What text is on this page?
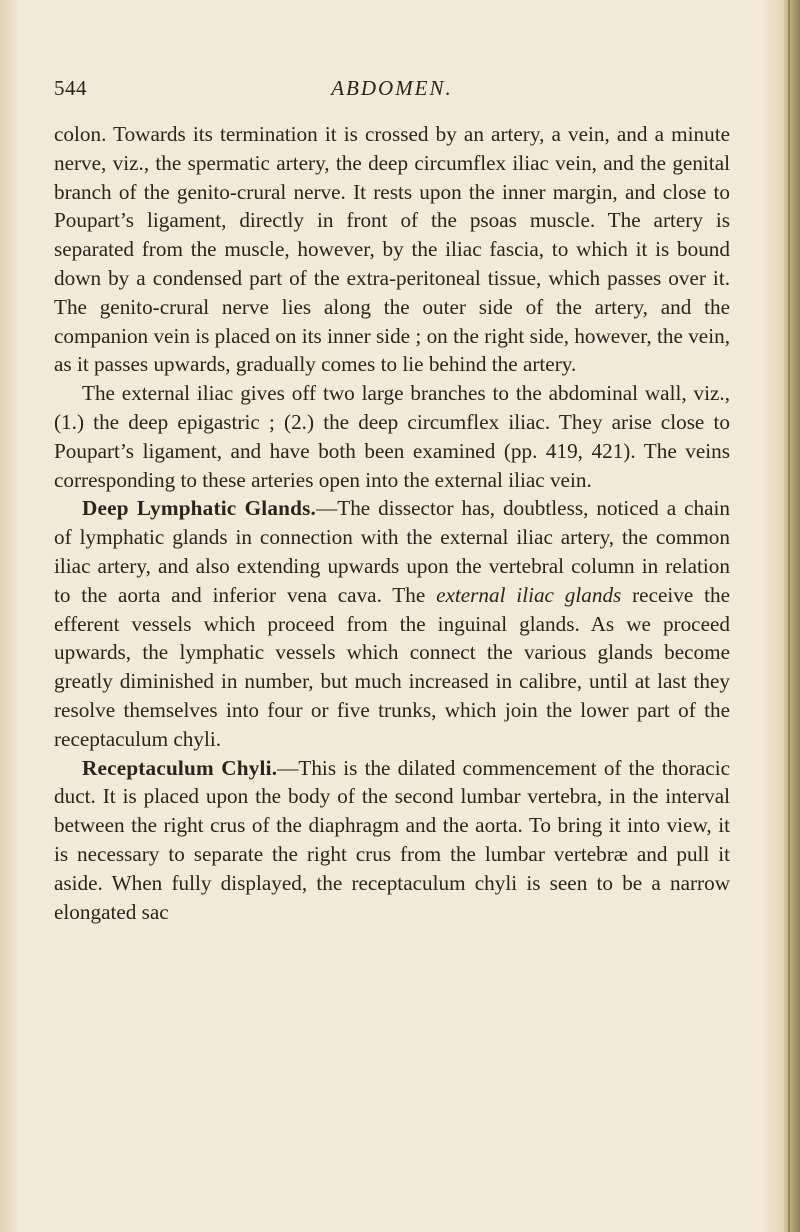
544	ABDOMEN.

colon. Towards its termination it is crossed by an artery, a vein, and a minute nerve, viz., the spermatic artery, the deep circumflex iliac vein, and the genital branch of the genito-crural nerve. It rests upon the inner margin, and close to Poupart’s ligament, directly in front of the psoas muscle. The artery is separated from the muscle, however, by the iliac fascia, to which it is bound down by a condensed part of the extra-peritoneal tissue, which passes over it. The genito-crural nerve lies along the outer side of the artery, and the companion vein is placed on its inner side ; on the right side, however, the vein, as it passes upwards, gradually comes to lie behind the artery.

The external iliac gives off two large branches to the abdominal wall, viz., (1.) the deep epigastric ; (2.) the deep circumflex iliac. They arise close to Poupart’s ligament, and have both been examined (pp. 419, 421). The veins corresponding to these arteries open into the external iliac vein.

Deep Lymphatic Glands.—The dissector has, doubtless, noticed a chain of lymphatic glands in connection with the external iliac artery, the common iliac artery, and also extending upwards upon the vertebral column in relation to the aorta and inferior vena cava. The external iliac glands receive the efferent vessels which proceed from the inguinal glands. As we proceed upwards, the lymphatic vessels which connect the various glands become greatly diminished in number, but much increased in calibre, until at last they resolve themselves into four or five trunks, which join the lower part of the receptaculum chyli.

Receptaculum Chyli.—This is the dilated commencement of the thoracic duct. It is placed upon the body of the second lumbar vertebra, in the interval between the right crus of the diaphragm and the aorta. To bring it into view, it is necessary to separate the right crus from the lumbar vertebræ and pull it aside. When fully displayed, the receptaculum chyli is seen to be a narrow elongated sac
